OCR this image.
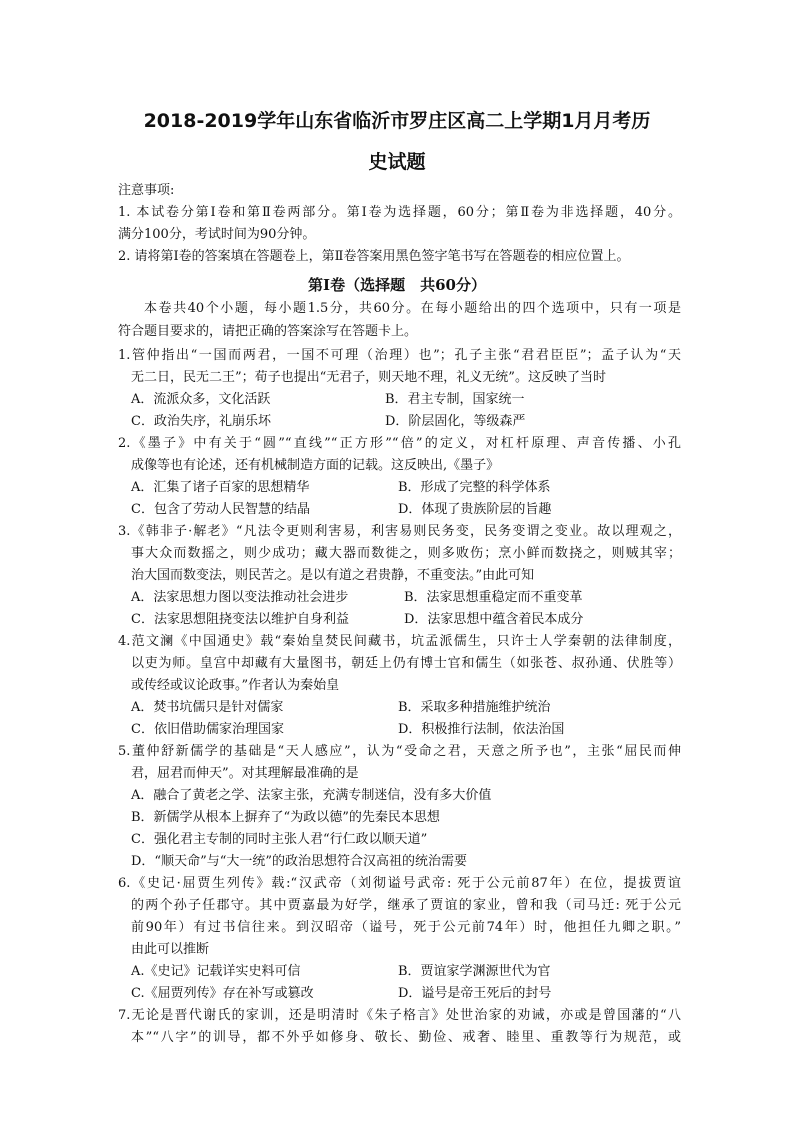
2018-2019学年山东省临沂市罗庄区高二上学期1月月考历
史试题
注意事项:
1. 本试卷分第Ⅰ卷和第Ⅱ卷两部分。第Ⅰ卷为选择题，60分；第Ⅱ卷为非选择题，40分。
满分100分，考试时间为90分钟。
2. 请将第Ⅰ卷的答案填在答题卷上，第Ⅱ卷答案用黑色签字笔书写在答题卷的相应位置上。
第Ⅰ卷（选择题　共60分）
本卷共40个小题，每小题1.5分，共60分。在每小题给出的四个选项中，只有一项是
符合题目要求的，请把正确的答案涂写在答题卡上。
1.管仲指出“一国而两君，一国不可理（治理）也”；孔子主张“君君臣臣”；孟子认为“天
无二日，民无二王”；荀子也提出“无君子，则天地不理，礼义无统”。这反映了当时
A．流派众多，文化活跃	B．君主专制，国家统一
C．政治失序，礼崩乐坏	D．阶层固化，等级森严
2.《墨子》中有关于“圆”“直线”“正方形”“倍”的定义，对杠杆原理、声音传播、小孔
成像等也有论述，还有机械制造方面的记载。这反映出,《墨子》
A．汇集了诸子百家的思想精华	B．形成了完整的科学体系
C．包含了劳动人民智慧的结晶	D．体现了贵族阶层的旨趣
3.《韩非子·解老》“凡法令更则利害易，利害易则民务变，民务变谓之变业。故以理观之，
事大众而数摇之，则少成功；藏大器而数徙之，则多败伤；烹小鲜而数挠之，则贼其宰；
治大国而数变法，则民苦之。是以有道之君贵静，不重变法。”由此可知
A．法家思想力图以变法推动社会进步	B．法家思想重稳定而不重变革
C．法家思想阻挠变法以维护自身利益	D．法家思想中蕴含着民本成分
4.范文澜《中国通史》载“秦始皇焚民间藏书，坑孟派儒生，只许士人学秦朝的法律制度，
以吏为师。皇宫中却藏有大量图书，朝廷上仍有博士官和儒生（如张苍、叔孙通、伏胜等）
或传经或议论政事。”作者认为秦始皇
A．焚书坑儒只是针对儒家	B．采取多种措施维护统治
C．依旧借助儒家治理国家	D．积极推行法制，依法治国
5.董仲舒新儒学的基础是“天人感应”，认为“受命之君，天意之所予也”，主张“屈民而伸
君，屈君而伸天”。对其理解最准确的是
A．融合了黄老之学、法家主张，充满专制迷信，没有多大价值
B．新儒学从根本上摒弃了“为政以德”的先秦民本思想
C．强化君主专制的同时主张人君“行仁政以顺天道”
D．“顺天命”与“大一统”的政治思想符合汉高祖的统治需要
6.《史记·屈贾生列传》载:“汉武帝（刘彻谥号武帝: 死于公元前87年）在位，提拔贾谊
的两个孙子任郡守。其中贾嘉最为好学，继承了贾谊的家业，曾和我（司马迁: 死于公元
前90年）有过书信往来。到汉昭帝（谥号，死于公元前74年）时，他担任九卿之职。”
由此可以推断
A.《史记》记载详实史料可信	B．贾谊家学渊源世代为官
C.《屈贾列传》存在补写或篡改	D．谥号是帝王死后的封号
7.无论是晋代谢氏的家训，还是明清时《朱子格言》处世治家的劝诫，亦或是曾国藩的“八
本”“八字”的训导，都不外乎如修身、敬长、勤俭、戒奢、睦里、重教等行为规范，或
